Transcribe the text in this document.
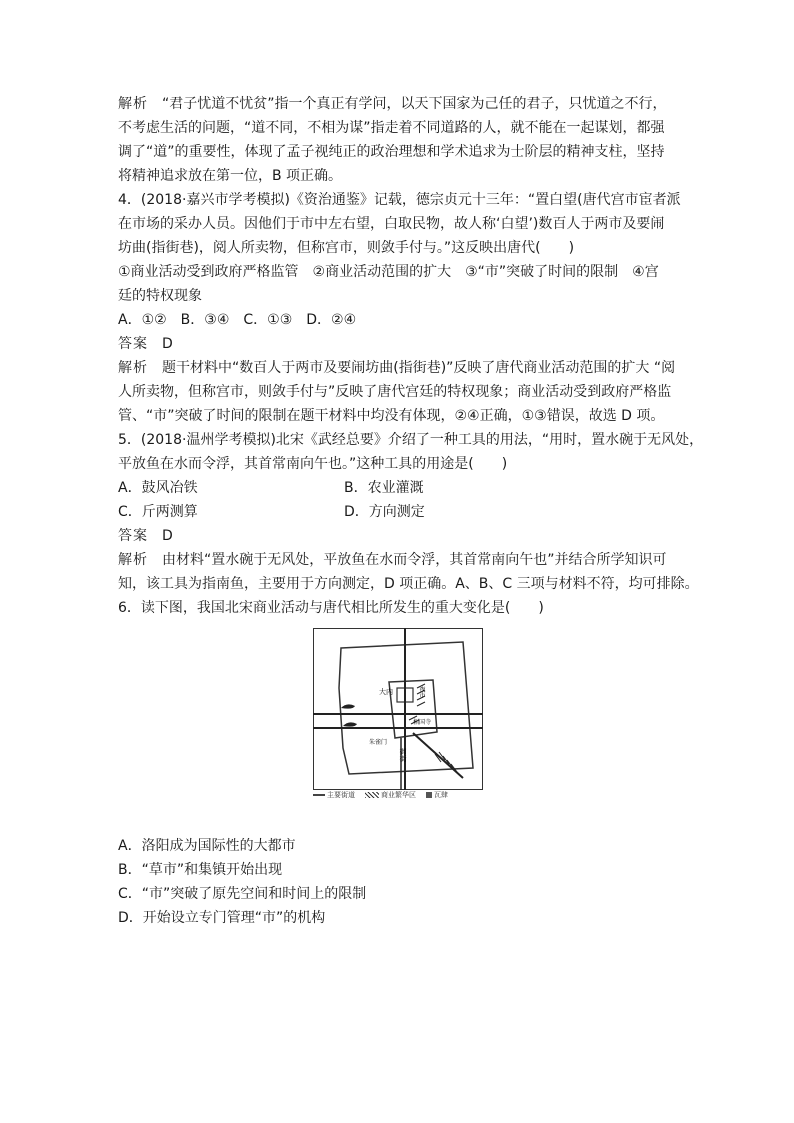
解析　 “君子忧道不忧贫”指一个真正有学问，以天下国家为己任的君子，只忧道之不行，
不考虑生活的问题，“道不同，不相为谋”指走着不同道路的人，就不能在一起谋划，都强
调了“道”的重要性，体现了孟子视纯正的政治理想和学术追求为士阶层的精神支柱，坚持
将精神追求放在第一位，B 项正确。
4．(2018·嘉兴市学考模拟)《资治通鉴》记载，德宗贞元十三年：“置白望(唐代宫市宦者派
在市场的采办人员。因他们于市中左右望，白取民物，故人称‘白望’)数百人于两市及要闹
坊曲(指街巷)，阅人所卖物，但称宫市，则敛手付与。”这反映出唐代(　　)
①商业活动受到政府严格监管　②商业活动范围的扩大　③“市”突破了时间的限制　④宫
廷的特权现象
A．①②　B．③④　C．①③　D．②④
答案　 D
解析　 题干材料中“数百人于两市及要闹坊曲(指街巷)”反映了唐代商业活动范围的扩大 “阅
人所卖物，但称宫市，则敛手付与”反映了唐代宫廷的特权现象；商业活动受到政府严格监
管、“市”突破了时间的限制在题干材料中均没有体现，②④正确，①③错误，故选 D 项。
5．(2018·温州学考模拟)北宋《武经总要》介绍了一种工具的用法，“用时，置水碗于无风处，
平放鱼在水而令浮，其首常南向午也。”这种工具的用途是(　　)
A．鼓风冶铁	B．农业灌溉
C．斤两测算	D．方向测定
答案　 D
解析　 由材料“置水碗于无风处，平放鱼在水而令浮，其首常南向午也”并结合所学知识可
知，该工具为指南鱼，主要用于方向测定，D 项正确。A、B、C 三项与材料不符，均可排除。
6．读下图，我国北宋商业活动与唐代相比所发生的重大变化是(　　)
大内	夜市
相国寺
朱雀门
御街
主要街道	商业繁华区	瓦肆
A．洛阳成为国际性的大都市
B．“草市”和集镇开始出现
C．“市”突破了原先空间和时间上的限制
D．开始设立专门管理“市”的机构
